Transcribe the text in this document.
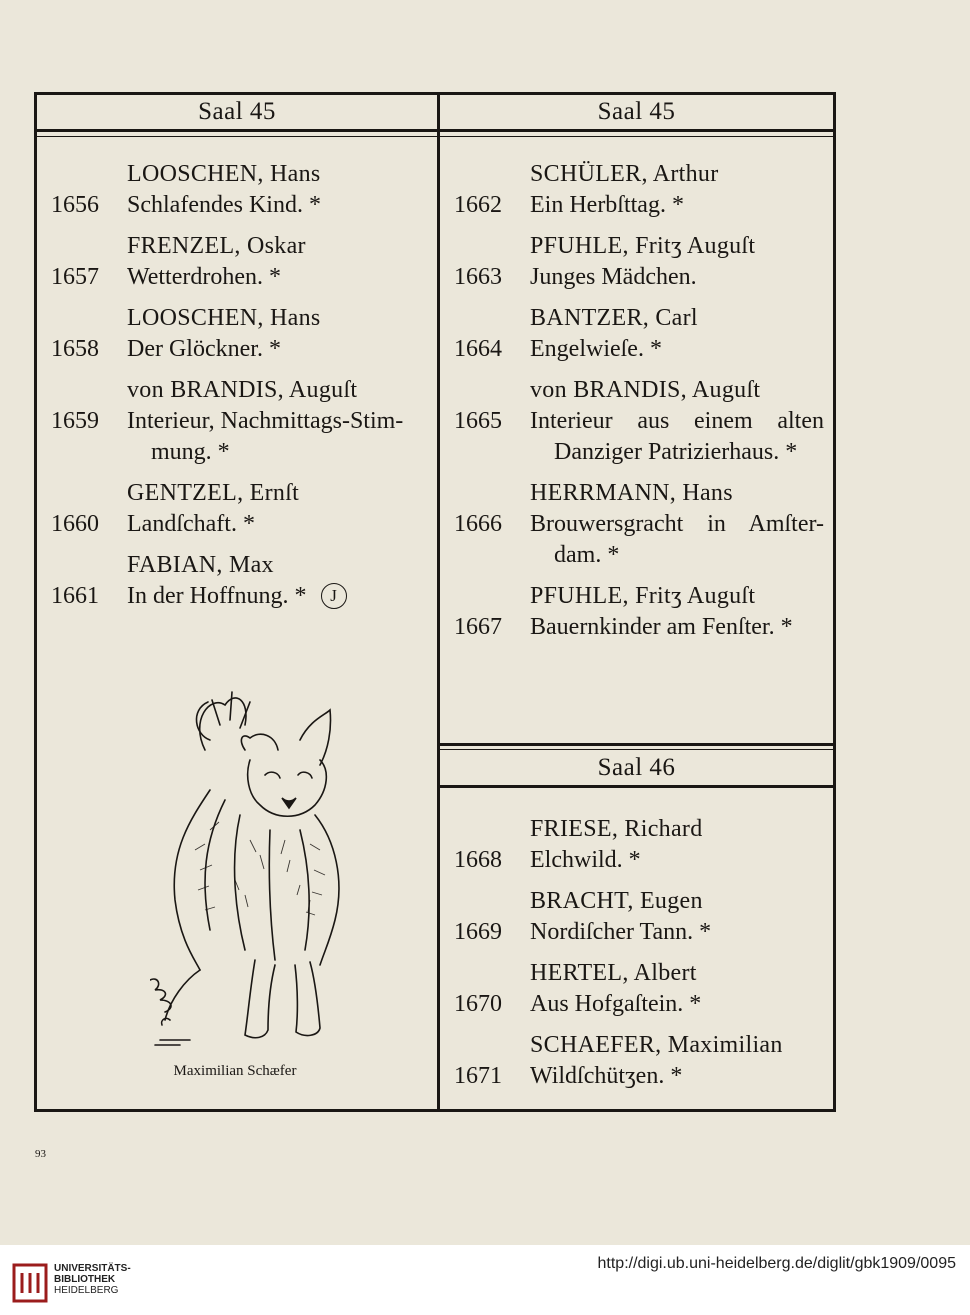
Saal 45	Saal 45
LOOSCHEN, Hans
1656	Schlafendes Kind. *
FRENZEL, Oskar
1657	Wetterdrohen. *
LOOSCHEN, Hans
1658	Der Glöckner. *
von BRANDIS, Auguſt
1659	Interieur, Nachmittags-Stim-
mung. *
GENTZEL, Ernſt
1660	Landſchaft. *
FABIAN, Max
1661	In der Hoffnung. * J
SCHÜLER, Arthur
1662	Ein Herbſttag. *
PFUHLE, Fritʒ Auguſt
1663	Junges Mädchen.
BANTZER, Carl
1664	Engelwieſe. *
von BRANDIS, Auguſt
1665	Interieur aus einem alten
Danziger Patrizierhaus. *
HERRMANN, Hans
1666	Brouwersgracht in Amſter-
dam. *
PFUHLE, Fritʒ Auguſt
1667	Bauernkinder am Fenſter. *
Saal 46
FRIESE, Richard
1668	Elchwild. *
BRACHT, Eugen
1669	Nordiſcher Tann. *
HERTEL, Albert
1670	Aus Hofgaſtein. *
SCHAEFER, Maximilian
1671	Wildſchütʒen. *
Maximilian Schæfer
93
UNIVERSITÄTS-
BIBLIOTHEK
HEIDELBERG
http://digi.ub.uni-heidelberg.de/diglit/gbk1909/0095
